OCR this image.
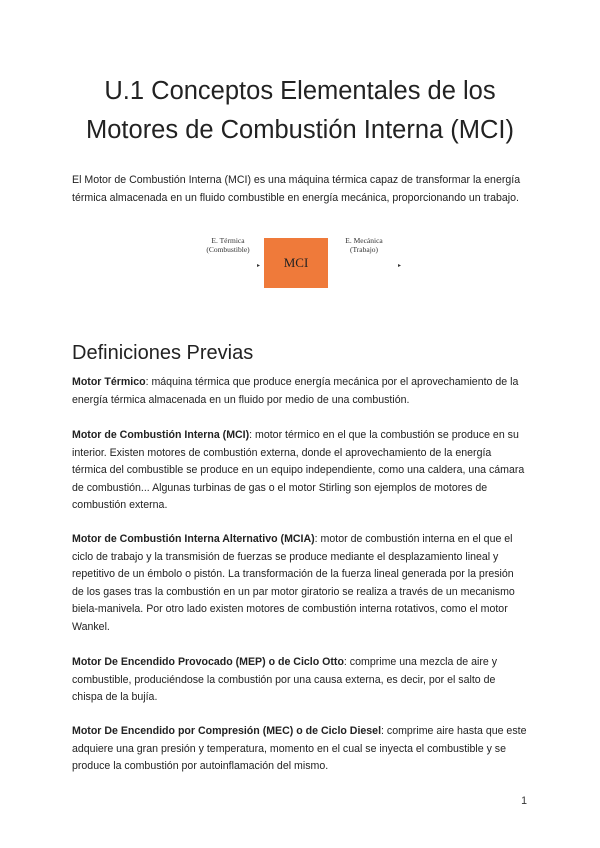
U.1 Conceptos Elementales de los Motores de Combustión Interna (MCI)

El Motor de Combustión Interna (MCI) es una máquina térmica capaz de transformar la energía térmica almacenada en un fluido combustible en energía mecánica, proporcionando un trabajo.

E. Térmica
(Combustible)
▸	MCI
E. Mecánica
(Trabajo)
▸
Definiciones Previas

Motor Térmico: máquina térmica que produce energía mecánica por el aprovechamiento de la energía térmica almacenada en un fluido por medio de una combustión.

Motor de Combustión Interna (MCI): motor térmico en el que la combustión se produce en su interior. Existen motores de combustión externa, donde el aprovechamiento de la energía térmica del combustible se produce en un equipo independiente, como una caldera, una cámara de combustión... Algunas turbinas de gas o el motor Stirling son ejemplos de motores de combustión externa.

Motor de Combustión Interna Alternativo (MCIA): motor de combustión interna en el que el ciclo de trabajo y la transmisión de fuerzas se produce mediante el desplazamiento lineal y repetitivo de un émbolo o pistón. La transformación de la fuerza lineal generada por la presión de los gases tras la combustión en un par motor giratorio se realiza a través de un mecanismo biela-manivela. Por otro lado existen motores de combustión interna rotativos, como el motor Wankel.

Motor De Encendido Provocado (MEP) o de Ciclo Otto: comprime una mezcla de aire y combustible, produciéndose la combustión por una causa externa, es decir, por el salto de chispa de la bujía.

Motor De Encendido por Compresión (MEC) o de Ciclo Diesel: comprime aire hasta que este adquiere una gran presión y temperatura, momento en el cual se inyecta el combustible y se produce la combustión por autoinflamación del mismo.

1
